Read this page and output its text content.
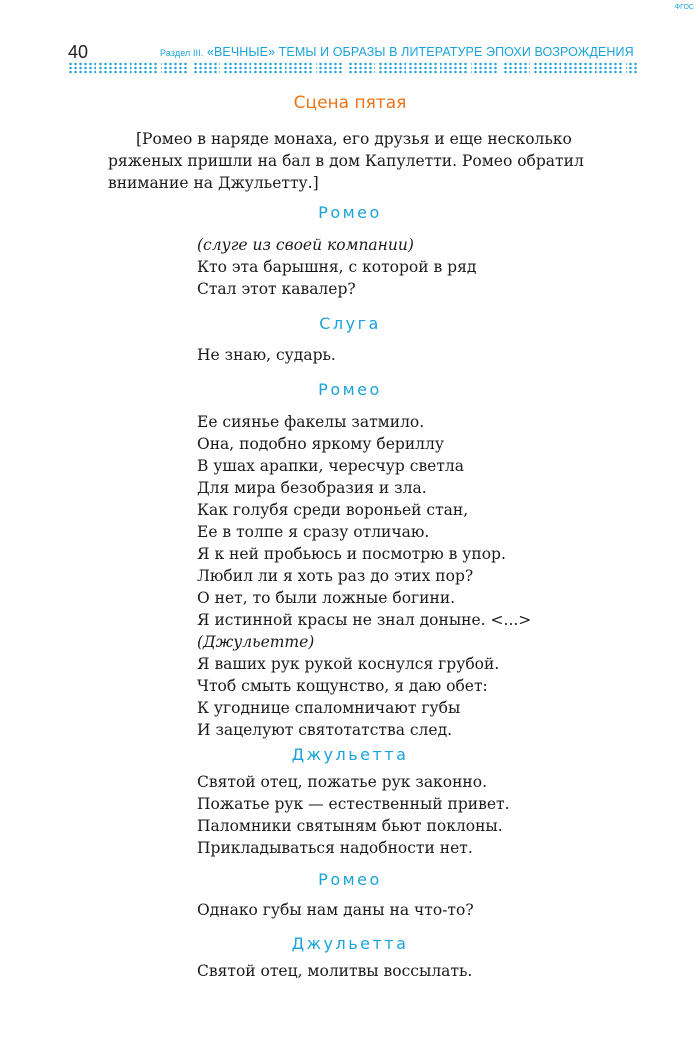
ФГОС
40	Раздел III. «ВЕЧНЫЕ» ТЕМЫ И ОБРАЗЫ В ЛИТЕРАТУРЕ ЭПОХИ ВОЗРОЖДЕНИЯ
Сцена пятая

[Ромео в наряде монаха, его друзья и еще несколько

ряженых пришли на бал в дом Капулетти. Ромео обратил

внимание на Джульетту.]

Ромео
(слуге из своей компании)
Кто эта барышня, с которой в ряд
Стал этот кавалер?
Слуга
Не знаю, сударь.
Ромео
Ее сиянье факелы затмило.
Она, подобно яркому бериллу
В ушах арапки, чересчур светла
Для мира безобразия и зла.
Как голубя среди вороньей стан,
Ее в толпе я сразу отличаю.
Я к ней пробьюсь и посмотрю в упор.
Любил ли я хоть раз до этих пор?
О нет, то были ложные богини.
Я истинной красы не знал доныне. <...>
(Джульетте)
Я ваших рук рукой коснулся грубой.
Чтоб смыть кощунство, я даю обет:
К угоднице спаломничают губы
И зацелуют святотатства след.
Джульетта
Святой отец, пожатье рук законно.
Пожатье рук — естественный привет.
Паломники святыням бьют поклоны.
Прикладываться надобности нет.
Ромео
Однако губы нам даны на что-то?
Джульетта
Святой отец, молитвы воссылать.
